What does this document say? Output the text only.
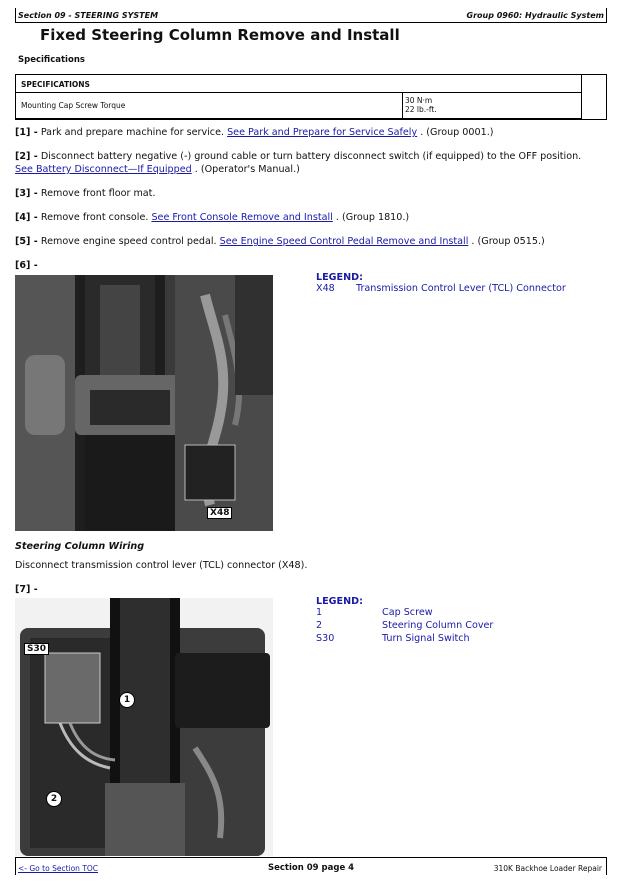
Section 09 - STEERING SYSTEM	Group 0960: Hydraulic System
Fixed Steering Column Remove and Install
Specifications
SPECIFICATIONS
Mounting Cap Screw Torque
30 N·m
22 lb.-ft.
[1] - Park and prepare machine for service. See Park and Prepare for Service Safely . (Group 0001.)
[2] - Disconnect battery negative (-) ground cable or turn battery disconnect switch (if equipped) to the OFF position. See Battery Disconnect—If Equipped . (Operator's Manual.)
[3] - Remove front floor mat.
[4] - Remove front console. See Front Console Remove and Install . (Group 1810.)
[5] - Remove engine speed control pedal. See Engine Speed Control Pedal Remove and Install . (Group 0515.)
[6] -
X48
LEGEND:
X48 Transmission Control Lever (TCL) Connector
Steering Column Wiring
Disconnect transmission control lever (TCL) connector (X48).
[7] -
S30
1
2
LEGEND:
1	Cap Screw
2	Steering Column Cover
S30	Turn Signal Switch
<- Go to Section TOC	Section 09 page 4	310K Backhoe Loader Repair
